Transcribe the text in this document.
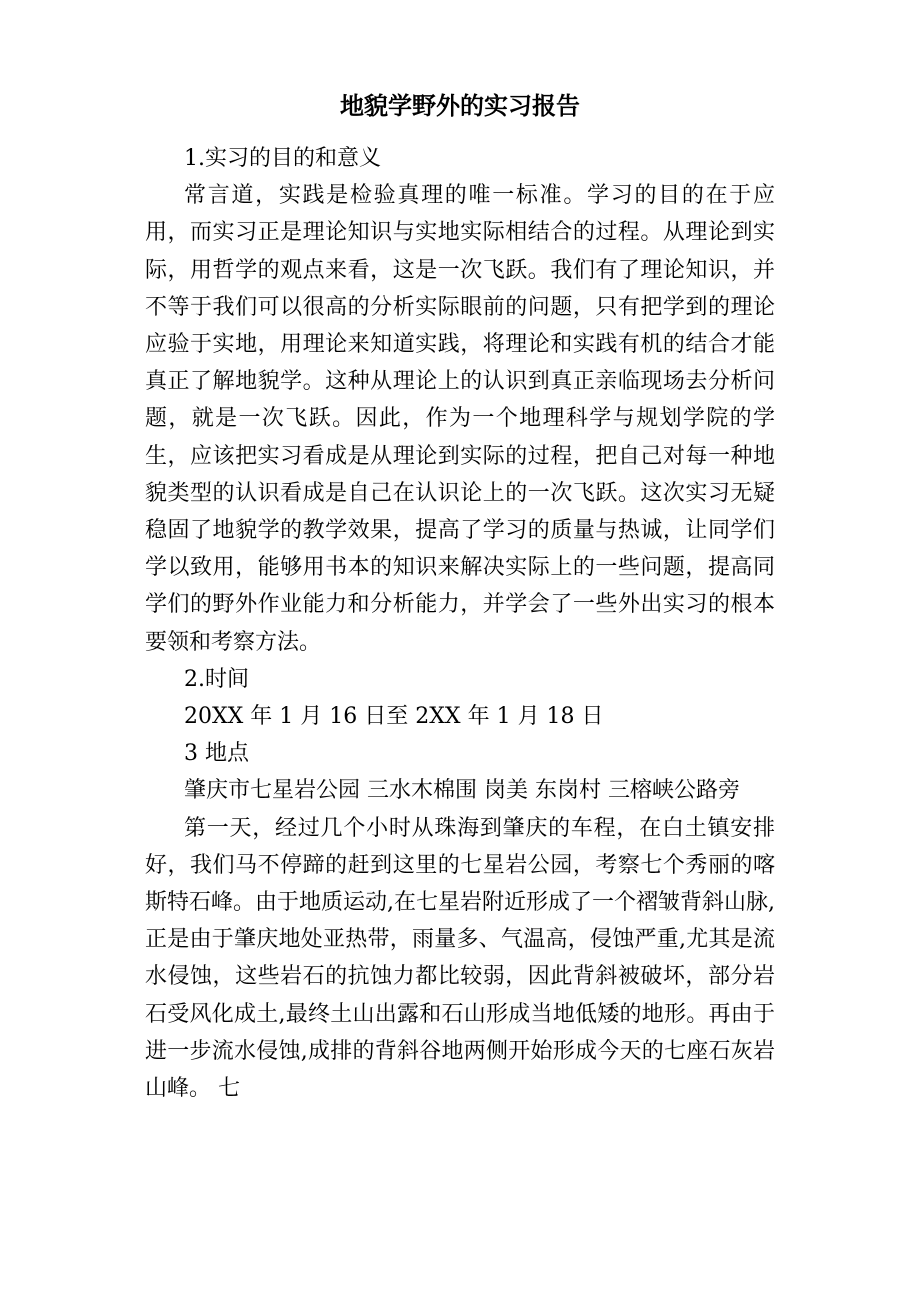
地貌学野外的实习报告

1.实习的目的和意义

常言道，实践是检验真理的唯一标准。学习的目的在于应用，而实习正是理论知识与实地实际相结合的过程。从理论到实际，用哲学的观点来看，这是一次飞跃。我们有了理论知识，并不等于我们可以很高的分析实际眼前的问题，只有把学到的理论应验于实地，用理论来知道实践，将理论和实践有机的结合才能真正了解地貌学。这种从理论上的认识到真正亲临现场去分析问题，就是一次飞跃。因此，作为一个地理科学与规划学院的学生，应该把实习看成是从理论到实际的过程，把自己对每一种地貌类型的认识看成是自己在认识论上的一次飞跃。这次实习无疑稳固了地貌学的教学效果，提高了学习的质量与热诚，让同学们学以致用，能够用书本的知识来解决实际上的一些问题，提高同学们的野外作业能力和分析能力，并学会了一些外出实习的根本要领和考察方法。

2.时间

20XX 年 1 月 16 日至 2XX 年 1 月 18 日

3 地点

肇庆市七星岩公园 三水木棉围 岗美 东岗村 三榕峡公路旁

第一天，经过几个小时从珠海到肇庆的车程，在白土镇安排好，我们马不停蹄的赶到这里的七星岩公园，考察七个秀丽的喀斯特石峰。由于地质运动,在七星岩附近形成了一个褶皱背斜山脉,正是由于肇庆地处亚热带，雨量多、气温高，侵蚀严重,尤其是流水侵蚀，这些岩石的抗蚀力都比较弱，因此背斜被破坏，部分岩石受风化成土,最终土山出露和石山形成当地低矮的地形。再由于进一步流水侵蚀,成排的背斜谷地两侧开始形成今天的七座石灰岩山峰。 七
